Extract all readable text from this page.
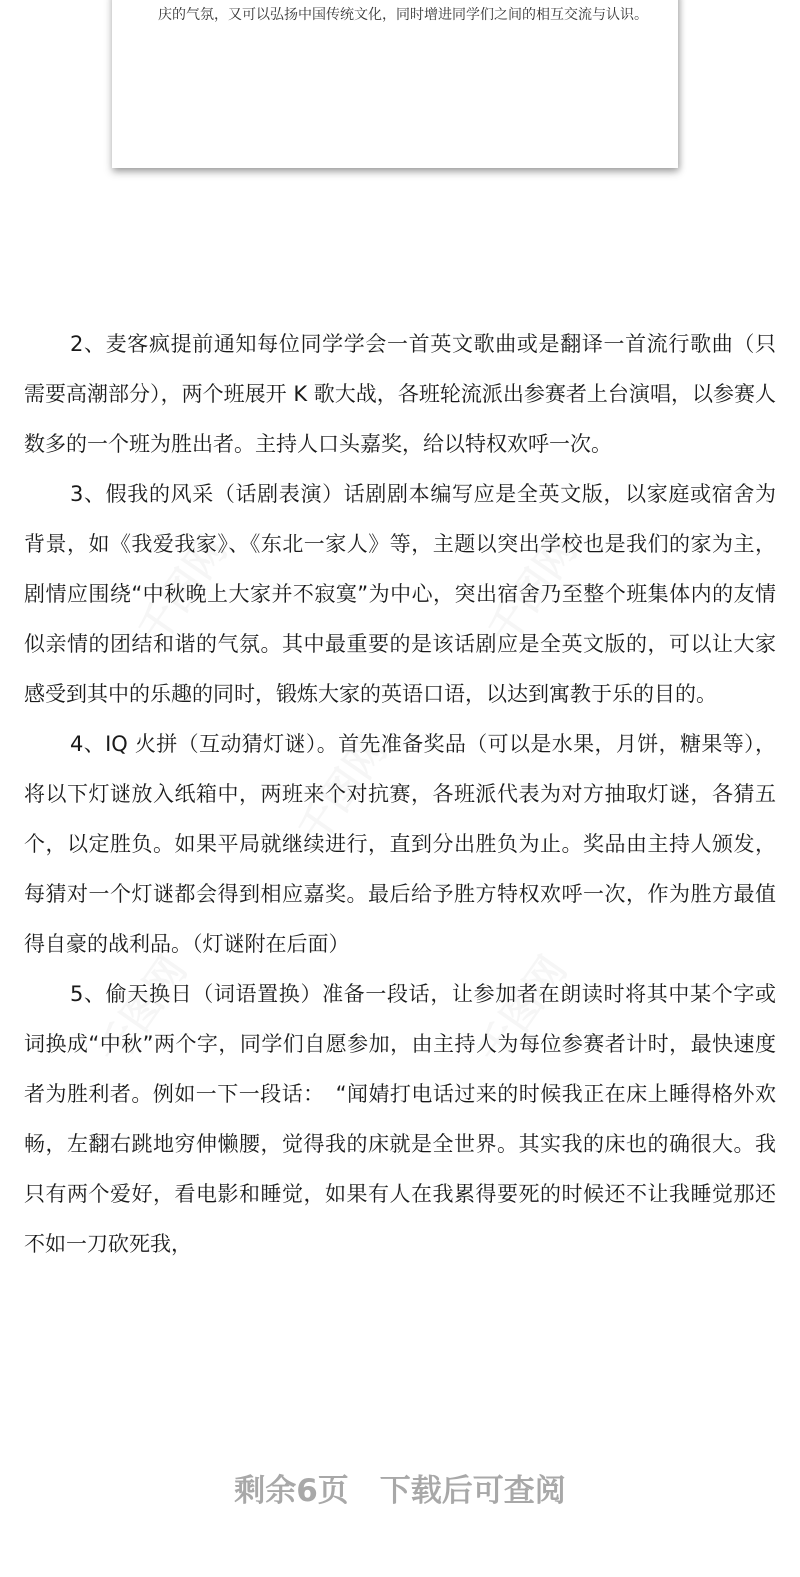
庆的气氛，又可以弘扬中国传统文化，同时增进同学们之间的相互交流与认识。

2、麦客疯提前通知每位同学学会一首英文歌曲或是翻译一首流行歌曲（只需要高潮部分），两个班展开 K 歌大战，各班轮流派出参赛者上台演唱，以参赛人数多的一个班为胜出者。主持人口头嘉奖，给以特权欢呼一次。

3、假我的风采（话剧表演）话剧剧本编写应是全英文版，以家庭或宿舍为背景，如《我爱我家》、《东北一家人》等，主题以突出学校也是我们的家为主，剧情应围绕“中秋晚上大家并不寂寞”为中心，突出宿舍乃至整个班集体内的友情似亲情的团结和谐的气氛。其中最重要的是该话剧应是全英文版的，可以让大家感受到其中的乐趣的同时，锻炼大家的英语口语，以达到寓教于乐的目的。

4、IQ 火拼（互动猜灯谜）。首先准备奖品（可以是水果，月饼，糖果等），将以下灯谜放入纸箱中，两班来个对抗赛，各班派代表为对方抽取灯谜，各猜五个，以定胜负。如果平局就继续进行，直到分出胜负为止。奖品由主持人颁发，每猜对一个灯谜都会得到相应嘉奖。最后给予胜方特权欢呼一次，作为胜方最值得自豪的战利品。（灯谜附在后面）

5、偷天换日（词语置换）准备一段话，让参加者在朗读时将其中某个字或词换成“中秋”两个字，同学们自愿参加，由主持人为每位参赛者计时，最快速度者为胜利者。例如一下一段话：　“闻婧打电话过来的时候我正在床上睡得格外欢畅，左翻右跳地穷伸懒腰，觉得我的床就是全世界。其实我的床也的确很大。我只有两个爱好，看电影和睡觉，如果有人在我累得要死的时候还不让我睡觉那还不如一刀砍死我，

剩余6页　下载后可查阅
